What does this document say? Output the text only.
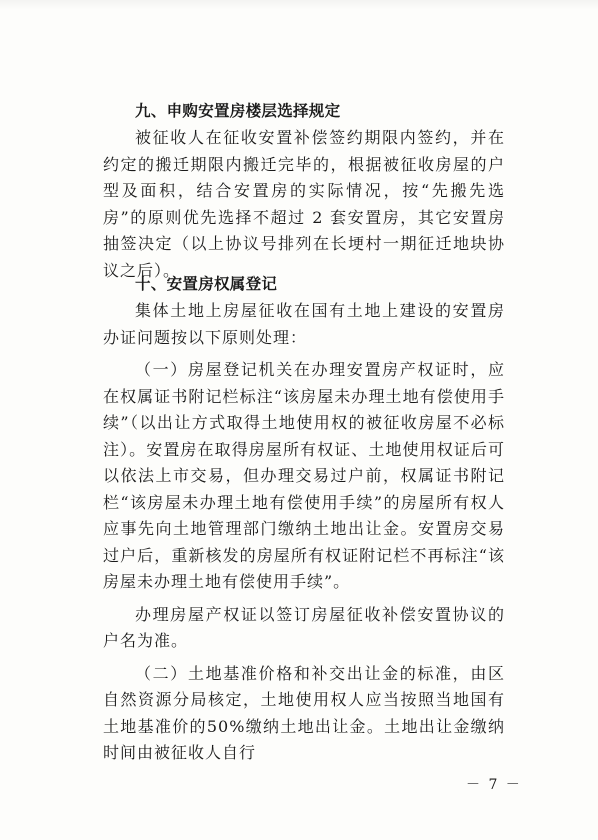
九、申购安置房楼层选择规定

被征收人在征收安置补偿签约期限内签约，并在约定的搬迁期限内搬迁完毕的，根据被征收房屋的户型及面积，结合安置房的实际情况，按“先搬先选房”的原则优先选择不超过 2 套安置房，其它安置房抽签决定（以上协议号排列在长埂村一期征迁地块协议之后）。

十、安置房权属登记

集体土地上房屋征收在国有土地上建设的安置房办证问题按以下原则处理：

（一）房屋登记机关在办理安置房产权证时，应在权属证书附记栏标注“该房屋未办理土地有偿使用手续”（以出让方式取得土地使用权的被征收房屋不必标注）。安置房在取得房屋所有权证、土地使用权证后可以依法上市交易，但办理交易过户前，权属证书附记栏“该房屋未办理土地有偿使用手续”的房屋所有权人应事先向土地管理部门缴纳土地出让金。安置房交易过户后，重新核发的房屋所有权证附记栏不再标注“该房屋未办理土地有偿使用手续”。

办理房屋产权证以签订房屋征收补偿安置协议的户名为准。

（二）土地基准价格和补交出让金的标准，由区自然资源分局核定，土地使用权人应当按照当地国有土地基准价的50%缴纳土地出让金。土地出让金缴纳时间由被征收人自行

－ 7 －
